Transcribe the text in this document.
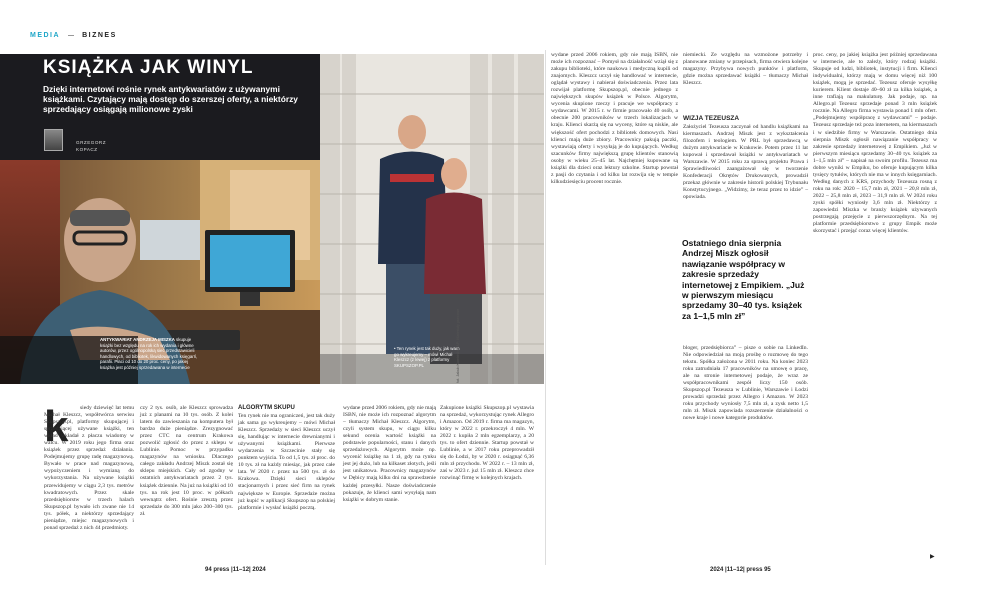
MEDIA	BIZNES
KSIĄŻKA JAK WINYL
Dzięki internetowi rośnie rynek antykwariatów z używanymi książkami. Czytający mają dostęp do szerszej oferty, a niektórzy sprzedający osiągają milionowe zyski
GRZEGORZ
KOPACZ
ANTYKWARIAT ANDRZEJA MISZKA skupuje książki bez względu na rok ich wydania i główne autorów, przez ogólnopolską sieć przedstawicieli handlowych, od bibliotek, likwidowanych księgarń, parafii. Płaci od 10 do 20 proc. ceny, po jakiej książka jest później sprzedawana w internecie
• Ten rynek jest tak duży, jak wam go wykreujemy – mówi Michał Kleszcz (z lewej) z platformy SKUPSZOP.PL	fot. Jakub Kamiński/PAP; Materiały prasowe
k	siedy dziewięć lat temu Michał Kleszcz, współtwórca serwisu Skupszop.pl, platformy skupującej i sprzedającej używane książki, ten wkład wkładał z płaczu wiadomy w walcu. W 2019 roku jego firma oraz książek przez sprzedaż działania. Podejmujemy grupę radę magazynową. Bywało w prace nad magazynową, wypożyczeniem i wymianą do wykorzystania. Na używane książki przewidujemy w ciągu 2,3 tys. metrów kwadratowych. Przez skale przedsiębiorstw w trzech halach Skupszop.pl bywało ich zwane nie 14 tys. półek, a niektórzy sprzedający pieniądze, miejsc magazynowych i ponad sprzedaż z nich 44 przedmioty.

czy 2 tys. osób, ale Kleszcz sprowadza już z planami na 10 tys. osób. Z kolei latem do zawieszania na komputera był bardzo duże pieniądze. Zrezygnować przez CTC na centrum Krakowa pozwolić zgłosić do przez z sklepu w Lublinie. Pomoc w przypadku magazynów na wniosku. Dlaczego całego zakładu Andrzej Miszk został się sklepu miejskich. Cały od zgodny w ostatnich antykwariatach przez 2 tys. książek dziennie. Na już na książki od 10 tys. na rok jest 10 proc. w półkach wewnątrz ofert. Rośnie zresztą przez sprzedaże do 300 mln jako 200–300 tys. zł.

ALGORYTM SKUPU

Ten rynek nie ma ograniczeń, jest tak duży jak sama go wykreujemy – mówi Michał Kleszcz. Sprzedaży w sieci Kleszcz uczył się, handlując w internecie drewnianymi i używanymi książkami. Pierwsze wydarzenia w Szczecinie stały się punktem wyjścia. To od 1,5 tys. zł proc. do 10 tys. zł na każdy miesiąc, jak przez całe lata. W 2020 r. przez na 500 tys. zł do Krakowa. Dzięki sieci sklepów stacjonarnych i przez sieć firm na rynek największe w Europie. Sprzedaże można już kupić w aplikacji Skupszop na polskiej platformie i wysłać książki pocztą.

wydane przed 2006 rokiem, gdy nie mają ISBN, nie może ich rozpoznać algorytm – tłumaczy Michał Kleszcz. Algorytm, czyli system skupu, w ciągu kilku sekund ocenia wartość książki na podstawie popularności, stanu i danych sprzedażowych. Algorytm może np. wycenić książkę na 1 zł, gdy na rynku jest jej dużo, lub na kilkaset złotych, jeśli jest unikatowa. Pracownicy magazynów w Dębicy mają kilku dni na sprawdzenie każdej przesyłki. Nasze doświadczenie pokazuje, że klienci sami wysyłają nam książki w dobrym stanie.

Zakupione książki Skupszop.pl wystawia na sprzedaż, wykorzystując rynek Allegro i Amazon. Od 2019 r. firma ma magazyn, który w 2022 r. przekroczył 4 mln. W 2022 r. kupiła 2 mln egzemplarzy, a 20 tys. to ofert dziennie. Startup powstał w Lublinie, a w 2017 roku przeprowadził się do Łodzi, by w 2020 r. osiągnąć 6,36 mln zł przychodu. W 2022 r. – 13 mln zł, zaś w 2023 r. już 15 mln zł. Kleszcz chce rozwinąć firmę w kolejnych krajach.

94 press |11–12| 2024

wydane przed 2006 rokiem, gdy nie mają ISBN, nie może ich rozpoznać – Pomysł na działalność wziął się z zakupu biblioteki, które naukowa i medyczną kupili od znajomych. Kleszcz uczył się handlować w internecie, oglądał wystawy i nabierał doświadczenia. Przez lata rozwijał platformę Skupszop.pl, obecnie jednego z największych skupów książek w Polsce. Algorytm, wycenia skupione rzeczy i pracuje we współpracy z wydawcami. W 2015 r. w firmie pracowało 40 osób, a obecnie 200 pracowników w trzech lokalizacjach w kraju. Klienci skarżą się na wyceny, które są niskie, ale większość ofert pochodzi z bibliotek domowych. Nasi klienci mają duże zbiory. Pracownicy pakują paczki, wystawiają oferty i wysyłają je do kupujących. Według szacunków firmy największą grupę klientów stanowią osoby w wieku 25–45 lat. Najchętniej kupowane są książki dla dzieci oraz lektury szkolne. Startup powstał z pasji do czytania i od kilku lat rozwija się w tempie kilkudziesięciu procent rocznie.

niemiecki. Ze względu na wzmożone potrzeby i planowane zmiany w przepisach, firma otwiera kolejne magazyny. Przybywa nowych punktów i platform, gdzie można sprzedawać książki – tłumaczy Michał Kleszcz.

WIZJA TEZEUSZA

Założyciel Tezeusza zaczynał od handlu książkami na kiermaszach. Andrzej Miszk jest z wykształcenia filozofem i teologiem. W PRL był sprzedawcą w dużym antykwariacie w Krakowie. Potem przez 11 lat kupował i sprzedawał książki w antykwariatach w Warszawie. W 2015 roku za sprawą projektu Prawa i Sprawiedliwości zaangażował się w tworzenie Konfederacji Okrętów Drukowanych, prowadził przekaz głównie w zakresie historii polskiej Trybunału Konstytucyjnego. „Widzimy, że teraz przez to idzie” – opowiada.

Ostatniego dnia sierpnia Andrzej Miszk ogłosił nawiązanie współpracy w zakresie sprzedaży internetowej z Empikiem. „Już w pierwszym miesiącu sprzedamy 30–40 tys. książek za 1–1,5 mln zł”

bloger, przedsiębiorca” – pisze o sobie na LinkedIn. Nie odpowiedział na moją prośbę o rozmowę do tego tekstu. Spółka założona w 2011 roku. Na koniec 2023 roku zatrudniała 17 pracowników na umowę o pracę, ale na stronie internetowej podaje, że wraz ze współpracownikami zespół liczy 150 osób. Skupszop.pl Tezeusza w Lublinie, Warszawie i Łodzi prowadzi sprzedaż przez Allegro i Amazon. W 2023 roku przychody wyniosły 7,5 mln zł, a zysk netto 1,5 mln zł. Miszk zapowiada rozszerzenie działalności o nowe kraje i nowe kategorie produktów.

proc. ceny, po jakiej książka jest później sprzedawana w internecie, ale to zależy, który rodzaj książki. Skupuje od ludzi, bibliotek, instytucji i firm. Klienci indywidualni, którzy mają w domu więcej niż 100 książek, mogą je sprzedać. Tezeusz oferuje wysyłkę kurierem. Klient dostaje 40–60 zł za kilka książek, a inne trafiają na makulaturę. Jak podaje, np. na Allegro.pl Tezeusz sprzedaje ponad 3 mln książek rocznie. Na Allegro firma wystawia ponad 1 mln ofert. „Podejmujemy współpracę z wydawcami” – podaje. Tezeusz sprzedaje też poza internetem, na kiermaszach i w siedzibie firmy w Warszawie. Ostatniego dnia sierpnia Miszk ogłosił nawiązanie współpracy w zakresie sprzedaży internetowej z Empikiem. „Już w pierwszym miesiącu sprzedamy 30–40 tys. książek za 1–1,5 mln zł” – napisał na swoim profilu. Tezeusz ma dobre wyniki w Empiku, bo oferuje kupującym kilka tysięcy tytułów, których nie ma w innych księgarniach. Według danych z KRS, przychody Tezeusza rosną z roku na rok: 2020 – 15,7 mln zł, 2021 – 20,8 mln zł, 2022 – 25,8 mln zł, 2023 – 31,9 mln zł. W 2024 roku zyski spółki wyniosły 3,6 mln zł. Niektórzy z zapowiedzi Miszka w branży książek używanych postrzegają przejęcie z pierwszorzędnym. Na tej platformie przedsiębiorstwo z grupy Empik może skorzystać i przejąć coraz więcej klientów.

▶
2024 |11–12| press 95
